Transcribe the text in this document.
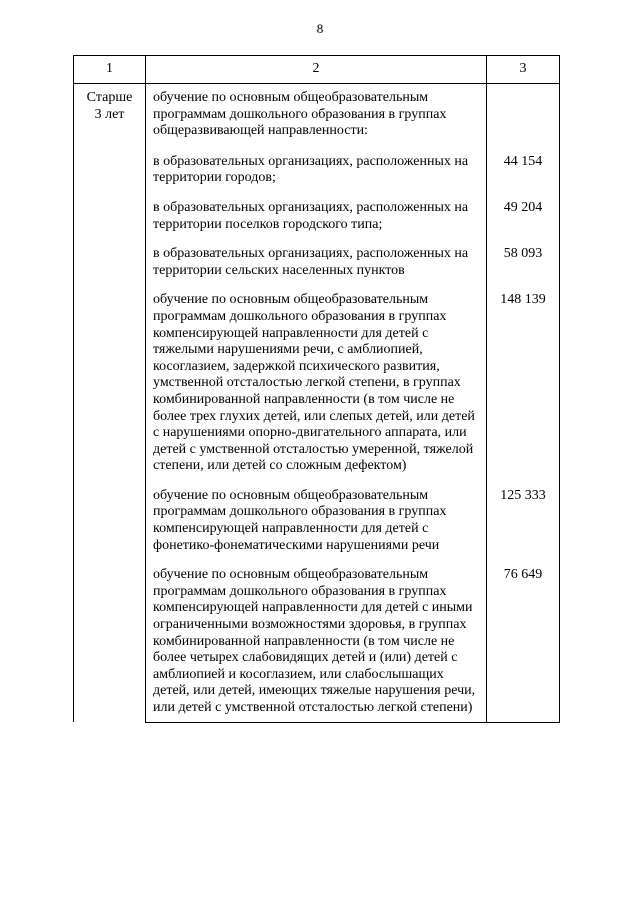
8
1	2	3

Старше
3 лет	обучение по основным общеобразовательным программам дошкольного образования в группах общеразвивающей направленности:	

	в образовательных организациях, расположенных на территории городов;	44 154

	в образовательных организациях, расположенных на территории поселков городского типа;	49 204

	в образовательных организациях, расположенных на территории сельских населенных пунктов	58 093

	обучение по основным общеобразовательным программам дошкольного образования в группах компенсирующей направленности для детей с тяжелыми нарушениями речи, с амблиопией, косоглазием, задержкой психического развития, умственной отсталостью легкой степени, в группах комбинированной направленности (в том числе не более трех глухих детей, или слепых детей, или детей с нарушениями опорно-двигательного аппарата, или детей с умственной отсталостью умеренной, тяжелой степени, или детей со сложным дефектом)	148 139

	обучение по основным общеобразовательным программам дошкольного образования в группах компенсирующей направленности для детей с фонетико-фонематическими нарушениями речи	125 333

	обучение по основным общеобразовательным программам дошкольного образования в группах компенсирующей направленности для детей с иными ограниченными возможностями здоровья, в группах комбинированной направленности (в том числе не более четырех слабовидящих детей и (или) детей с амблиопией и косоглазием, или слабослышащих детей, или детей, имеющих тяжелые нарушения речи, или детей с умственной отсталостью легкой степени)	76 649
